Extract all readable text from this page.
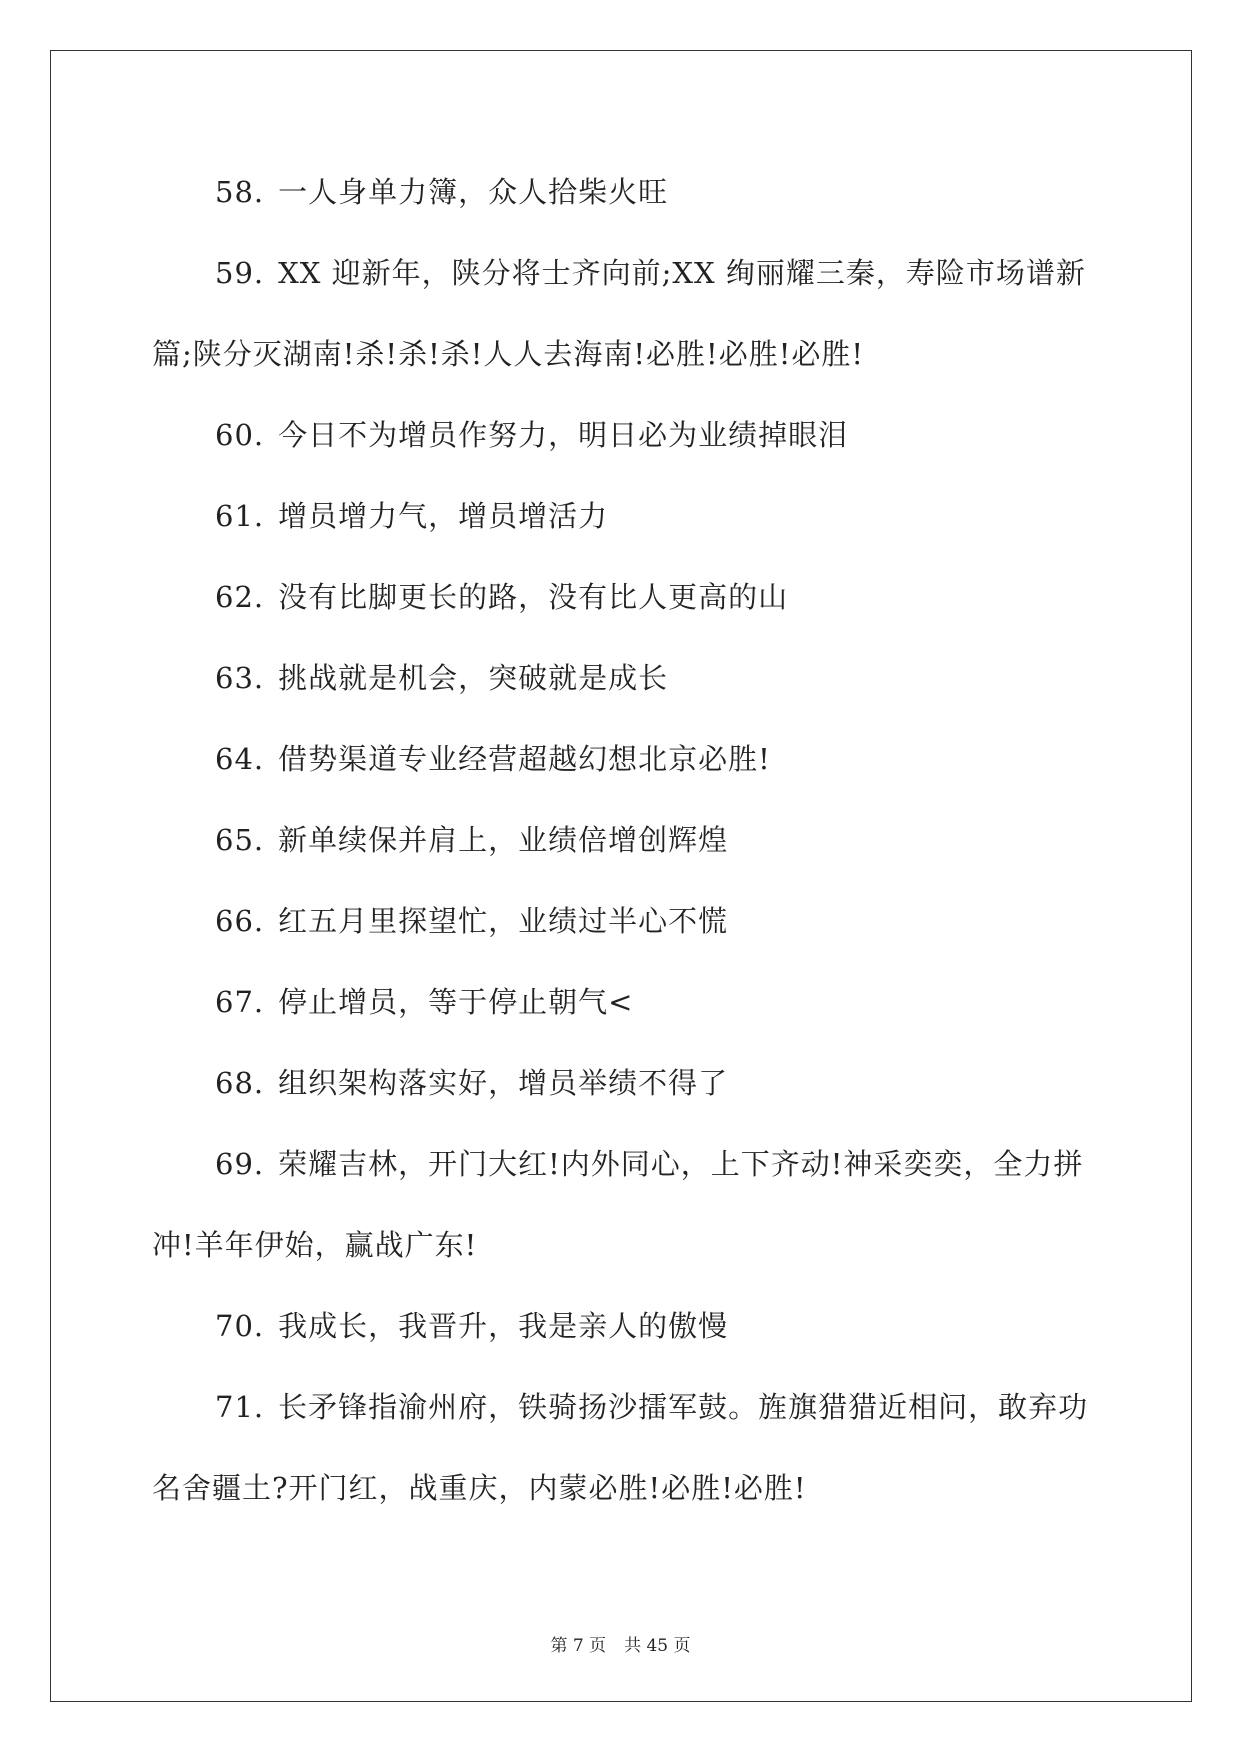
58. 一人身单力簿，众人拾柴火旺

59. XX 迎新年，陕分将士齐向前;XX 绚丽耀三秦，寿险市场谱新篇;陕分灭湖南!杀!杀!杀!人人去海南!必胜!必胜!必胜!

60. 今日不为增员作努力，明日必为业绩掉眼泪

61. 增员增力气，增员增活力

62. 没有比脚更长的路，没有比人更高的山

63. 挑战就是机会，突破就是成长

64. 借势渠道专业经营超越幻想北京必胜!

65. 新单续保并肩上，业绩倍增创辉煌

66. 红五月里探望忙，业绩过半心不慌

67. 停止增员，等于停止朝气<

68. 组织架构落实好，增员举绩不得了

69. 荣耀吉林，开门大红!内外同心，上下齐动!神采奕奕，全力拼冲!羊年伊始，赢战广东!

70. 我成长，我晋升，我是亲人的傲慢

71. 长矛锋指渝州府，铁骑扬沙擂军鼓。旌旗猎猎近相问，敢弃功名舍疆土?开门红，战重庆，内蒙必胜!必胜!必胜!

第 7 页 共 45 页
